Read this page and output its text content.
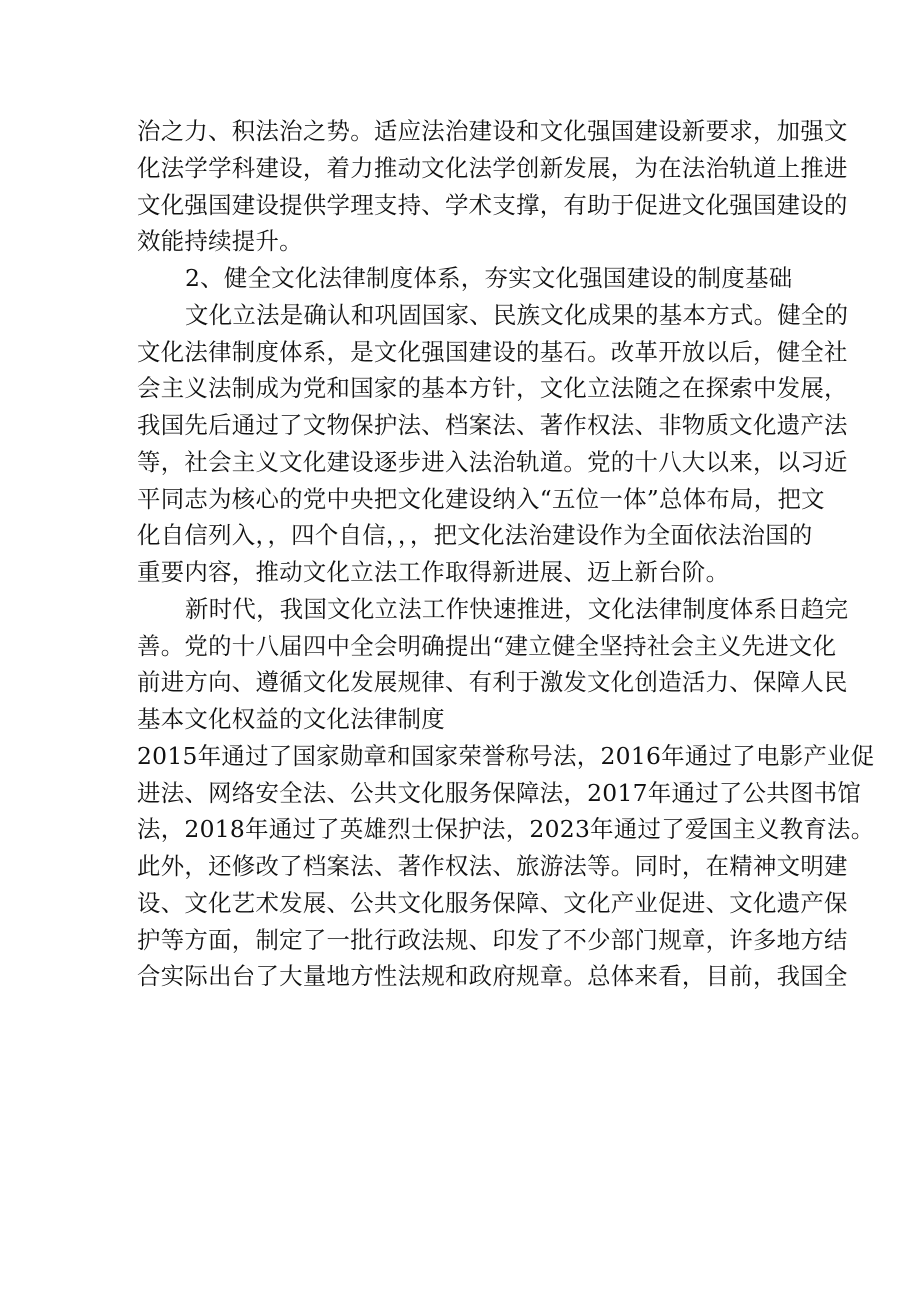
治之力、积法治之势。适应法治建设和文化强国建设新要求，加强文
化法学学科建设，着力推动文化法学创新发展，为在法治轨道上推进
文化强国建设提供学理支持、学术支撑，有助于促进文化强国建设的
效能持续提升。
2、健全文化法律制度体系，夯实文化强国建设的制度基础
文化立法是确认和巩固国家、民族文化成果的基本方式。健全的
文化法律制度体系，是文化强国建设的基石。改革开放以后，健全社
会主义法制成为党和国家的基本方针，文化立法随之在探索中发展，
我国先后通过了文物保护法、档案法、著作权法、非物质文化遗产法
等，社会主义文化建设逐步进入法治轨道。党的十八大以来，以习近
平同志为核心的党中央把文化建设纳入“五位一体”总体布局，把文
化自信列入，，四个自信，，，把文化法治建设作为全面依法治国的
重要内容，推动文化立法工作取得新进展、迈上新台阶。
新时代，我国文化立法工作快速推进，文化法律制度体系日趋完
善。党的十八届四中全会明确提出“建立健全坚持社会主义先进文化
前进方向、遵循文化发展规律、有利于激发文化创造活力、保障人民
基本文化权益的文化法律制度
2015年通过了国家勋章和国家荣誉称号法，2016年通过了电影产业促
进法、网络安全法、公共文化服务保障法，2017年通过了公共图书馆
法，2018年通过了英雄烈士保护法，2023年通过了爱国主义教育法。
此外，还修改了档案法、著作权法、旅游法等。同时，在精神文明建
设、文化艺术发展、公共文化服务保障、文化产业促进、文化遗产保
护等方面，制定了一批行政法规、印发了不少部门规章，许多地方结
合实际出台了大量地方性法规和政府规章。总体来看，目前，我国全
